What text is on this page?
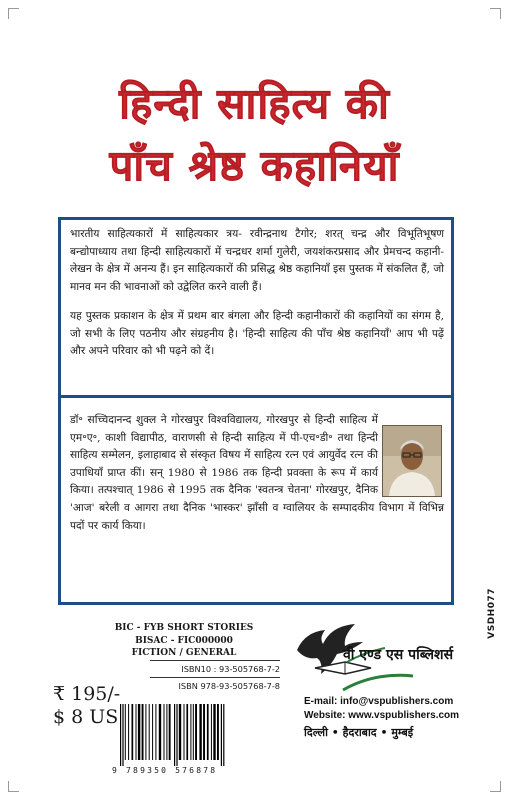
हिन्दी साहित्य की
पाँच श्रेष्ठ कहानियाँ

भारतीय साहित्यकारों में साहित्यकार त्रय- रवीन्द्रनाथ टैगोर; शरत् चन्द्र और विभूतिभूषण बन्द्योपाध्याय तथा हिन्दी साहित्यकारों में चन्द्रधर शर्मा गुलेरी, जयशंकरप्रसाद और प्रेमचन्द कहानी-लेखन के क्षेत्र में अनन्य हैं। इन साहित्यकारों की प्रसिद्ध श्रेष्ठ कहानियाँ इस पुस्तक में संकलित हैं, जो मानव मन की भावनाओं को उद्वेलित करने वाली हैं।

यह पुस्तक प्रकाशन के क्षेत्र में प्रथम बार बंगला और हिन्दी कहानीकारों की कहानियों का संगम है, जो सभी के लिए पठनीय और संग्रहनीय है। 'हिन्दी साहित्य की पाँच श्रेष्ठ कहानियाँ' आप भी पढ़ें और अपने परिवार को भी पढ़ने को दें।

डॉ॰ सच्चिदानन्द शुक्ल ने गोरखपुर विश्वविद्यालय, गोरखपुर से हिन्दी साहित्य में एम॰ए॰, काशी विद्यापीठ, वाराणसी से हिन्दी साहित्य में पी-एच॰डी॰ तथा हिन्दी साहित्य सम्मेलन, इलाहाबाद से संस्कृत विषय में साहित्य रत्न एवं आयुर्वेद रत्न की उपाधियाँ प्राप्त कीं। सन् 1980 से 1986 तक हिन्दी प्रवक्ता के रूप में कार्य किया। तत्पश्चात् 1986 से 1995 तक दैनिक 'स्वतन्त्र चेतना' गोरखपुर, दैनिक 'आज' बरेली व आगरा तथा दैनिक 'भास्कर' झाँसी व ग्वालियर के सम्पादकीय विभाग में विभिन्न पदों पर कार्य किया।

BIC - FYB SHORT STORIES
BISAC - FIC000000
FICTION / GENERAL
ISBN10 : 93-505768-7-2
ISBN 978-93-505768-7-8
₹ 195/-
$ 8 US
9 789350 576878
वी एण्ड एस पब्लिशर्स
VSDH077
E-mail: info@vspublishers.com
Website: www.vspublishers.com
दिल्ली • हैदराबाद • मुम्बई
